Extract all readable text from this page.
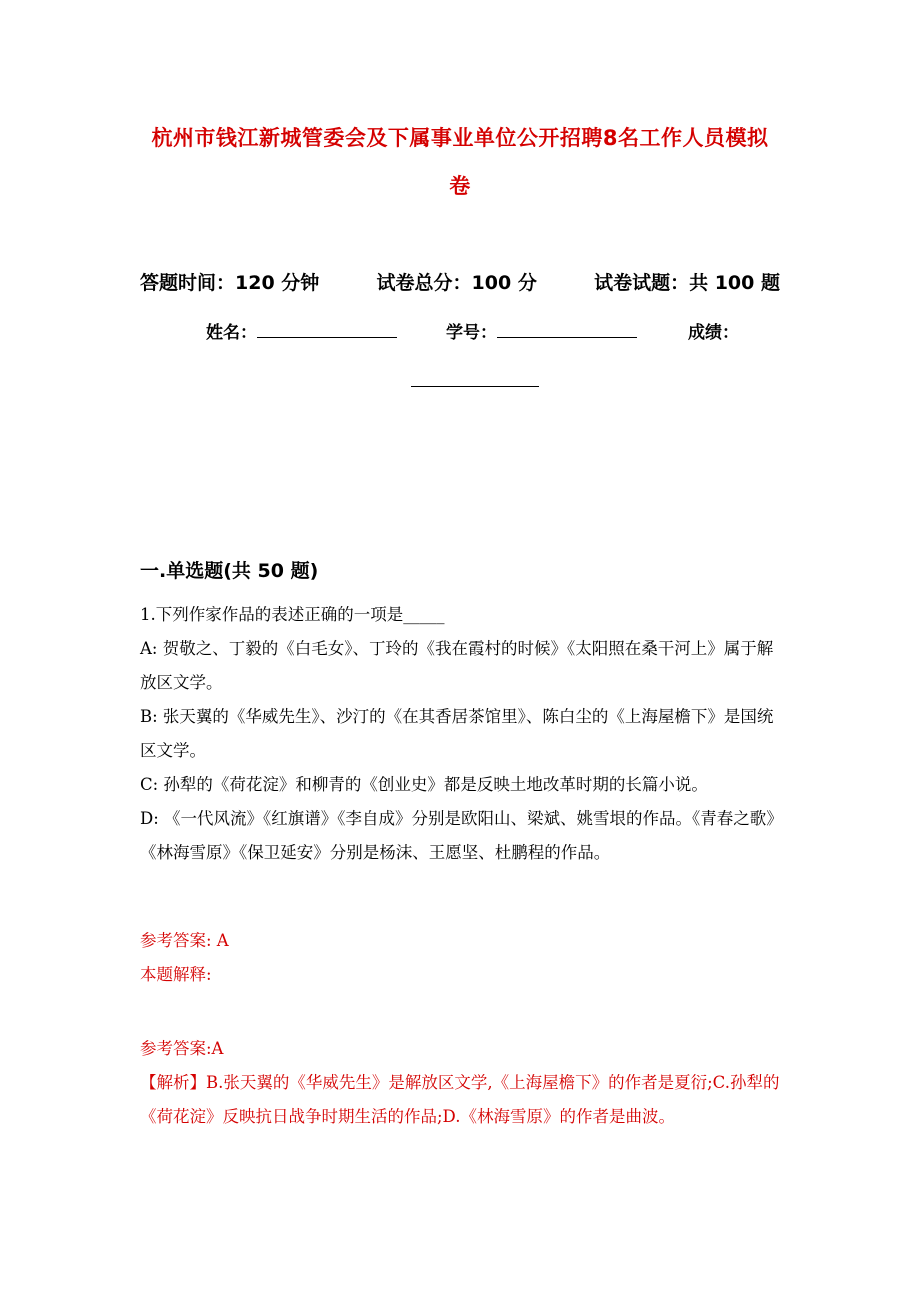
杭州市钱江新城管委会及下属事业单位公开招聘8名工作人员模拟
卷
答题时间：120 分钟	试卷总分：100 分	试卷试题：共 100 题
姓名：	学号：	成绩：
一.单选题(共 50 题)

1.下列作家作品的表述正确的一项是_____

A: 贺敬之、丁毅的《白毛女》、丁玲的《我在霞村的时候》《太阳照在桑干河上》属于解放区文学。

B: 张天翼的《华威先生》、沙汀的《在其香居茶馆里》、陈白尘的《上海屋檐下》是国统区文学。

C: 孙犁的《荷花淀》和柳青的《创业史》都是反映土地改革时期的长篇小说。

D: 《一代风流》《红旗谱》《李自成》分别是欧阳山、梁斌、姚雪垠的作品。《青春之歌》《林海雪原》《保卫延安》分别是杨沫、王愿坚、杜鹏程的作品。

参考答案: A

本题解释:

参考答案:A

【解析】B.张天翼的《华威先生》是解放区文学,《上海屋檐下》的作者是夏衍;C.孙犁的《荷花淀》反映抗日战争时期生活的作品;D.《林海雪原》的作者是曲波。
